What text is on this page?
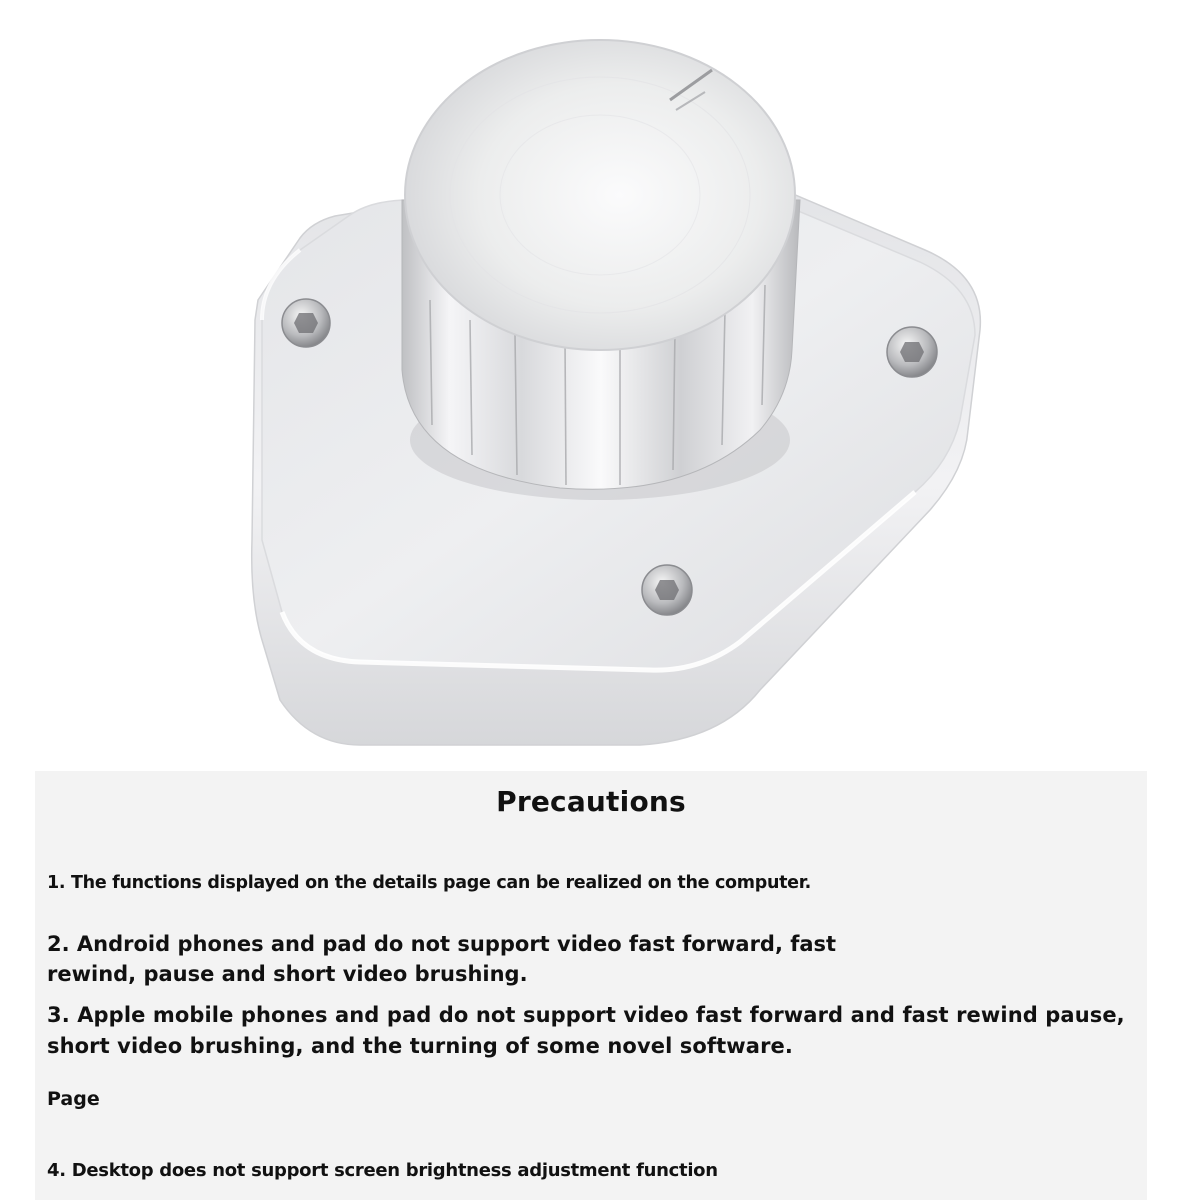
Precautions
1. The functions displayed on the details page can be realized on the computer.
2. Android phones and pad do not support video fast forward, fast rewind, pause and short video brushing.
3. Apple mobile phones and pad do not support video fast forward and fast rewind pause, short video brushing, and the turning of some novel software.
Page
4. Desktop does not support screen brightness adjustment function
